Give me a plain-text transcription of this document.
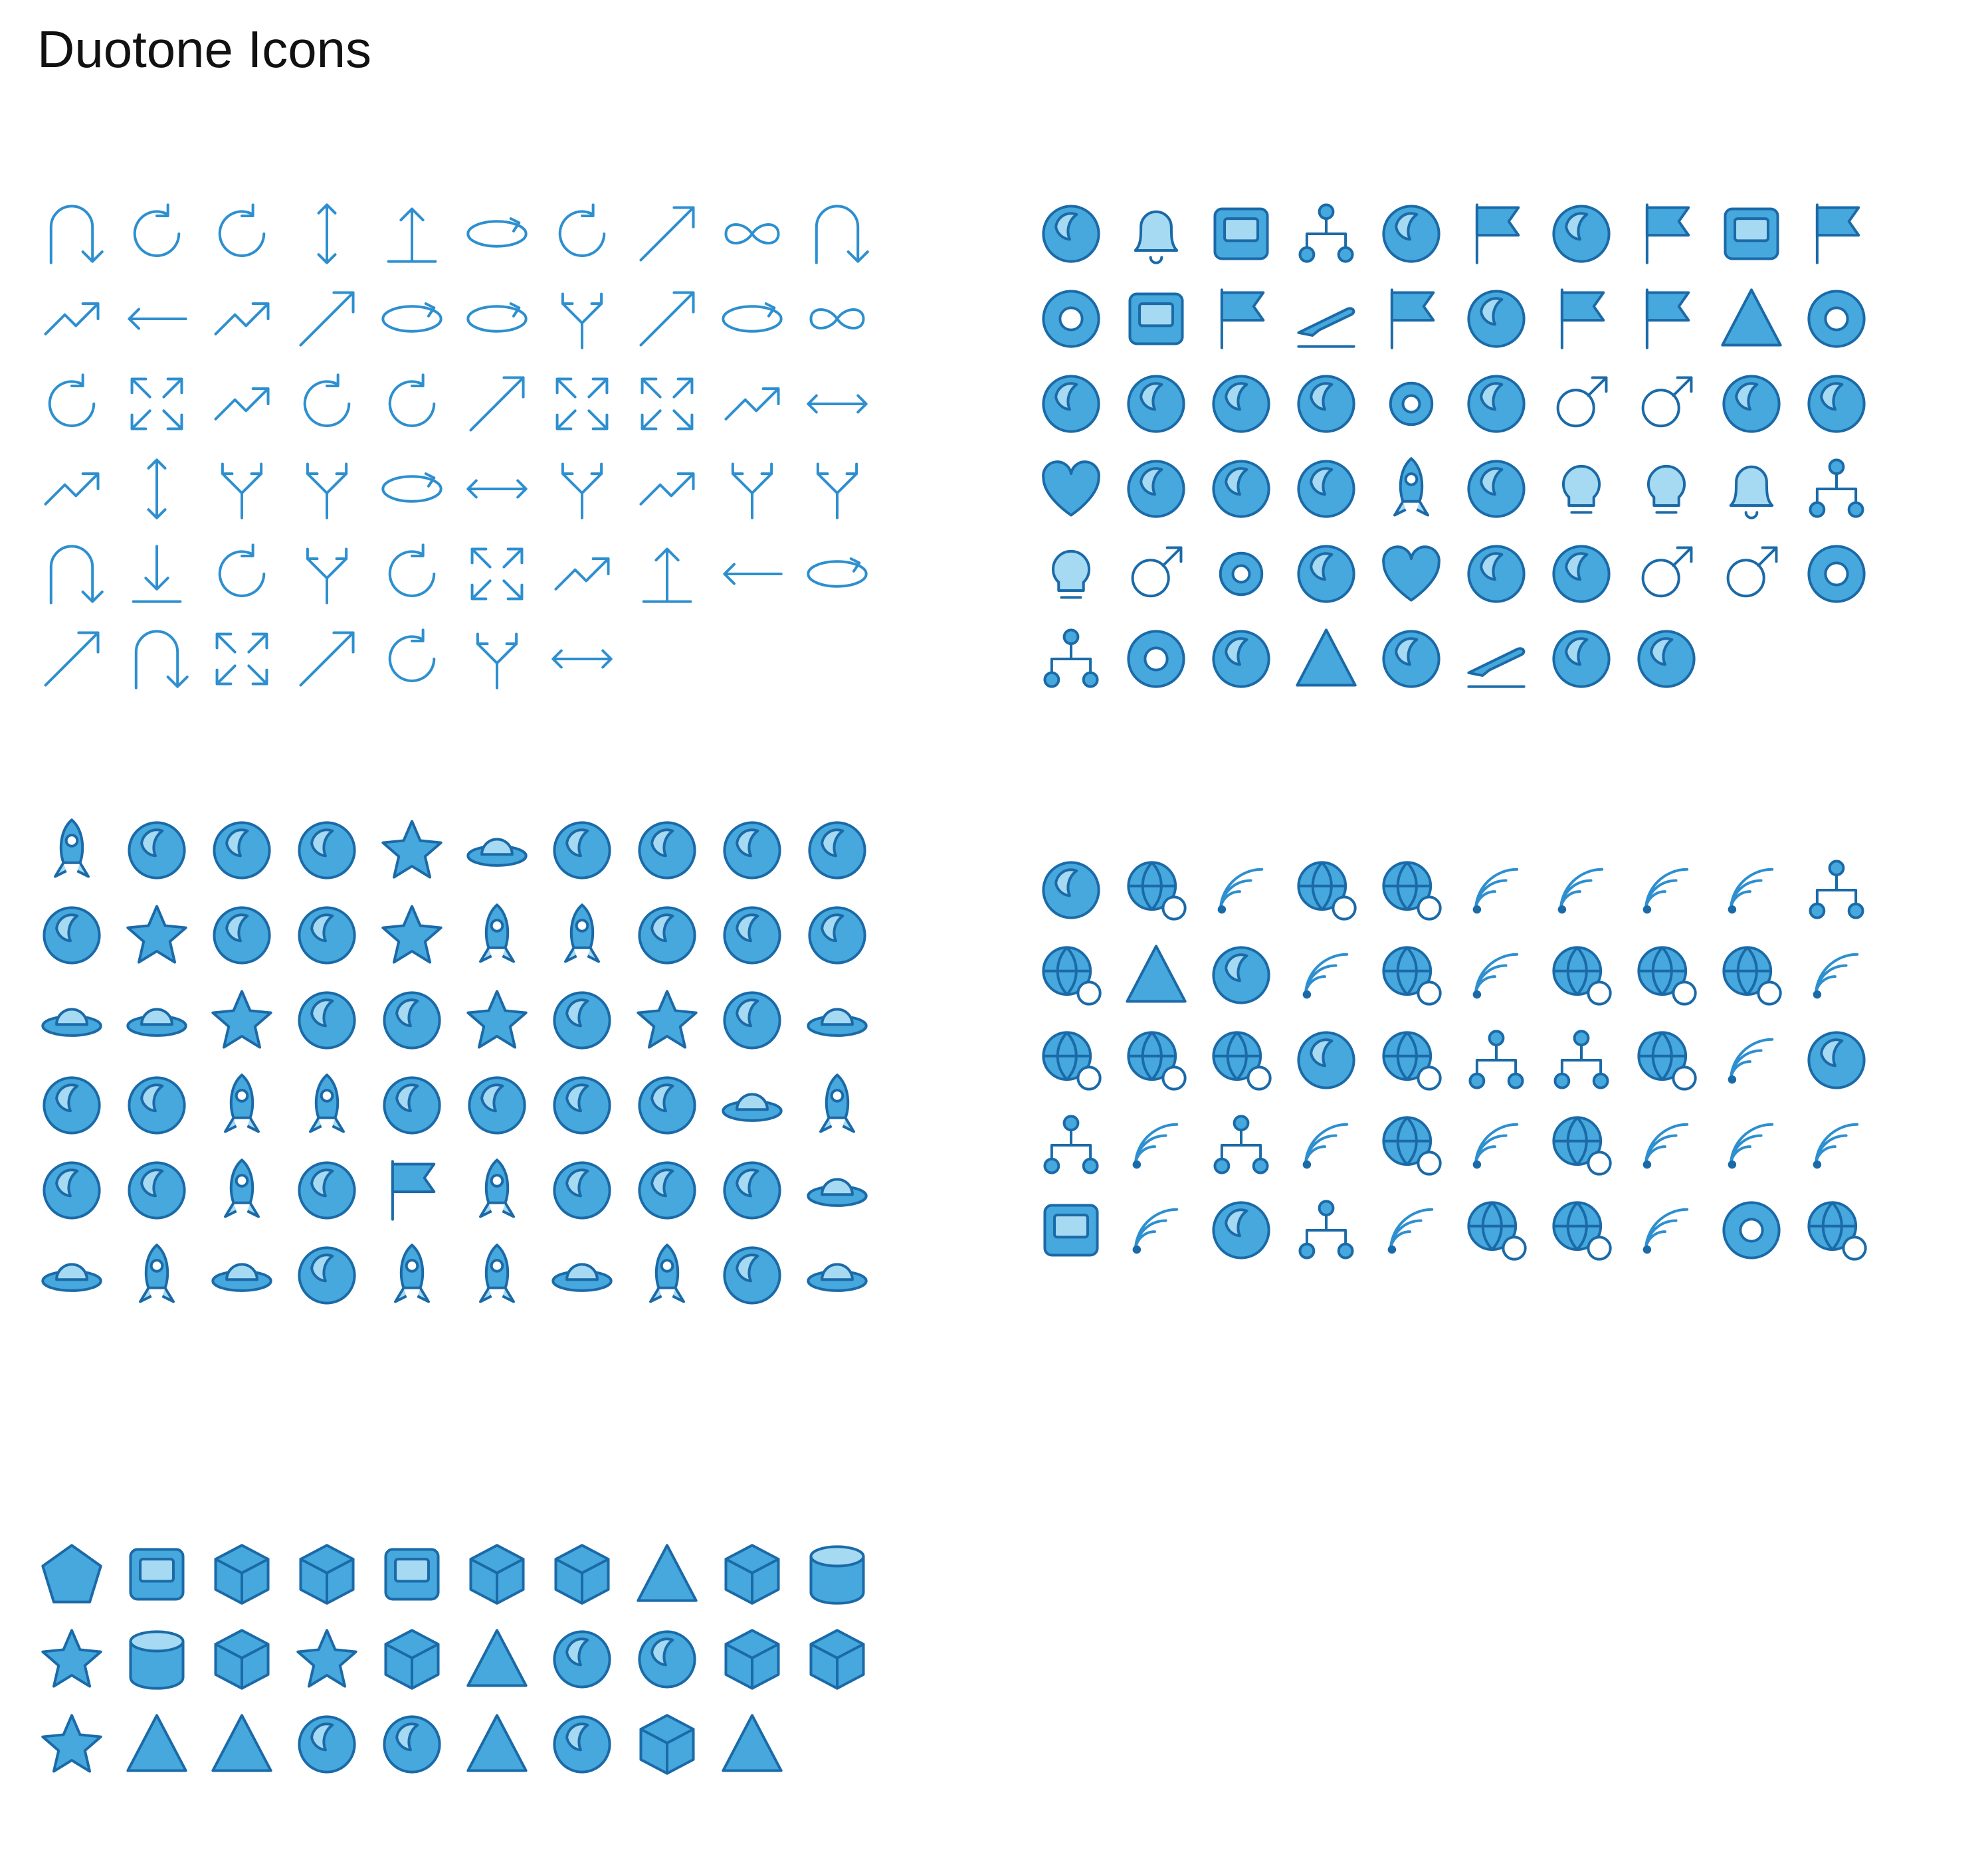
Duotone Icons
